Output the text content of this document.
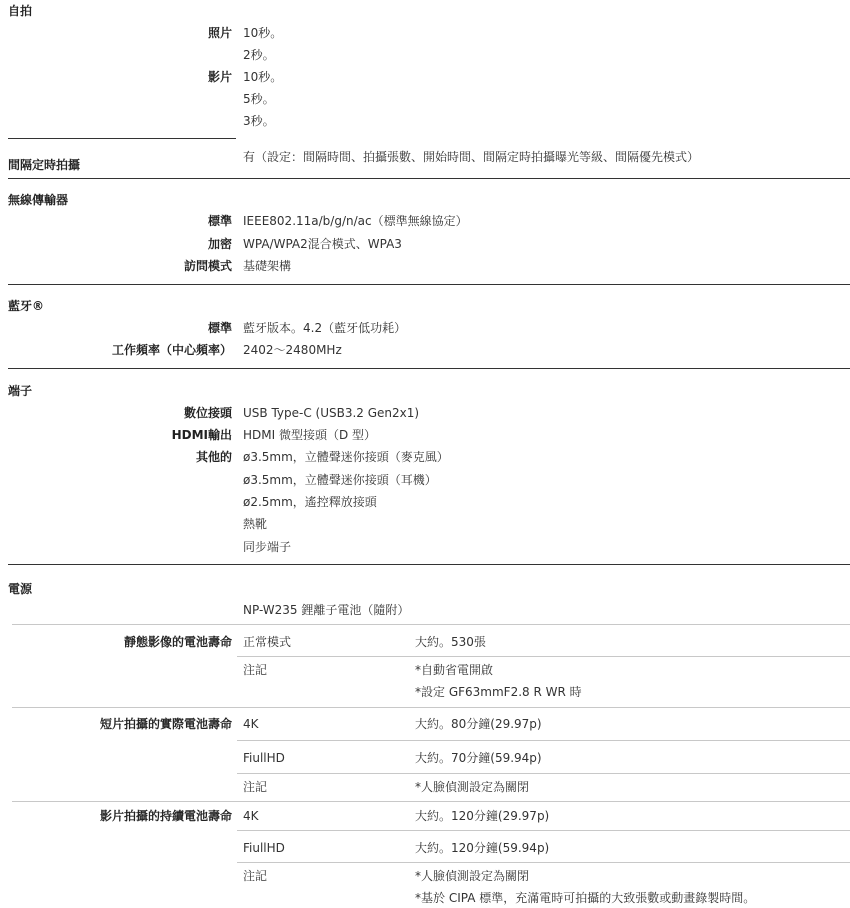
自拍
照片 10秒。
2秒。
影片 10秒。
5秒。
3秒。
間隔定時拍攝
有（設定：間隔時間、拍攝張數、開始時間、間隔定時拍攝曝光等級、間隔優先模式）
無線傳輸器
標準 IEEE802.11a/b/g/n/ac（標準無線協定）
加密 WPA/WPA2混合模式、WPA3
訪問模式 基礎架構
藍牙®
標準 藍牙版本。4.2（藍牙低功耗）
工作頻率（中心頻率） 2402～2480MHz
端子
數位接頭 USB Type-C (USB3.2 Gen2x1)
HDMI輸出 HDMI 微型接頭（D 型）
其他的 ø3.5mm，立體聲迷你接頭（麥克風）
ø3.5mm，立體聲迷你接頭（耳機）
ø2.5mm，遙控釋放接頭
熱靴
同步端子
電源
NP-W235 鋰離子電池（隨附）
靜態影像的電池壽命 正常模式	大約。530張
注記	*自動省電開啟
*設定 GF63mmF2.8 R WR 時
短片拍攝的實際電池壽命 4K	大約。80分鐘(29.97p)
FiullHD	大約。70分鐘(59.94p)
注記	*人臉偵測設定為關閉
影片拍攝的持續電池壽命 4K	大約。120分鐘(29.97p)
FiullHD	大約。120分鐘(59.94p)
注記	*人臉偵測設定為關閉
*基於 CIPA 標準，充滿電時可拍攝的大致張數或動畫錄製時間。
